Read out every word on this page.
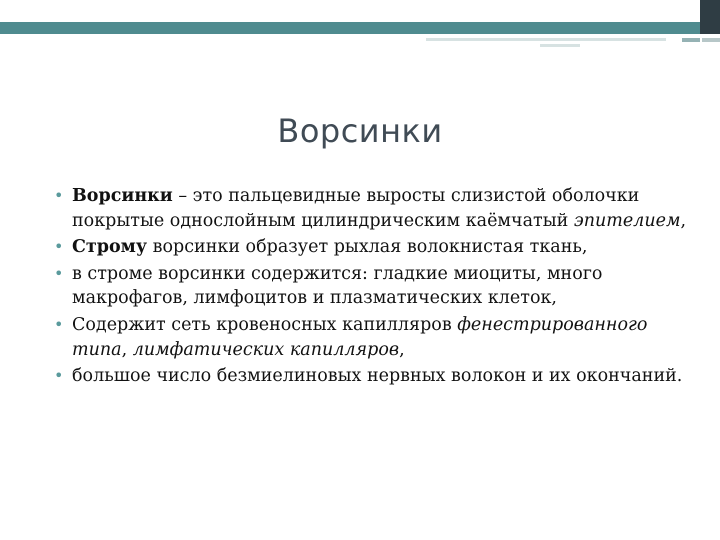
Ворсинки
• Ворсинки – это пальцевидные выросты слизистой оболочки покрытые однослойным цилиндрическим каёмчатый эпителием,
• Строму ворсинки образует рыхлая волокнистая ткань,
• в строме ворсинки содержится: гладкие миоциты, много макрофагов, лимфоцитов и плазматических клеток,
• Содержит сеть кровеносных капилляров фенестрированного типа, лимфатических капилляров,
• большое число безмиелиновых нервных волокон и их окончаний.
